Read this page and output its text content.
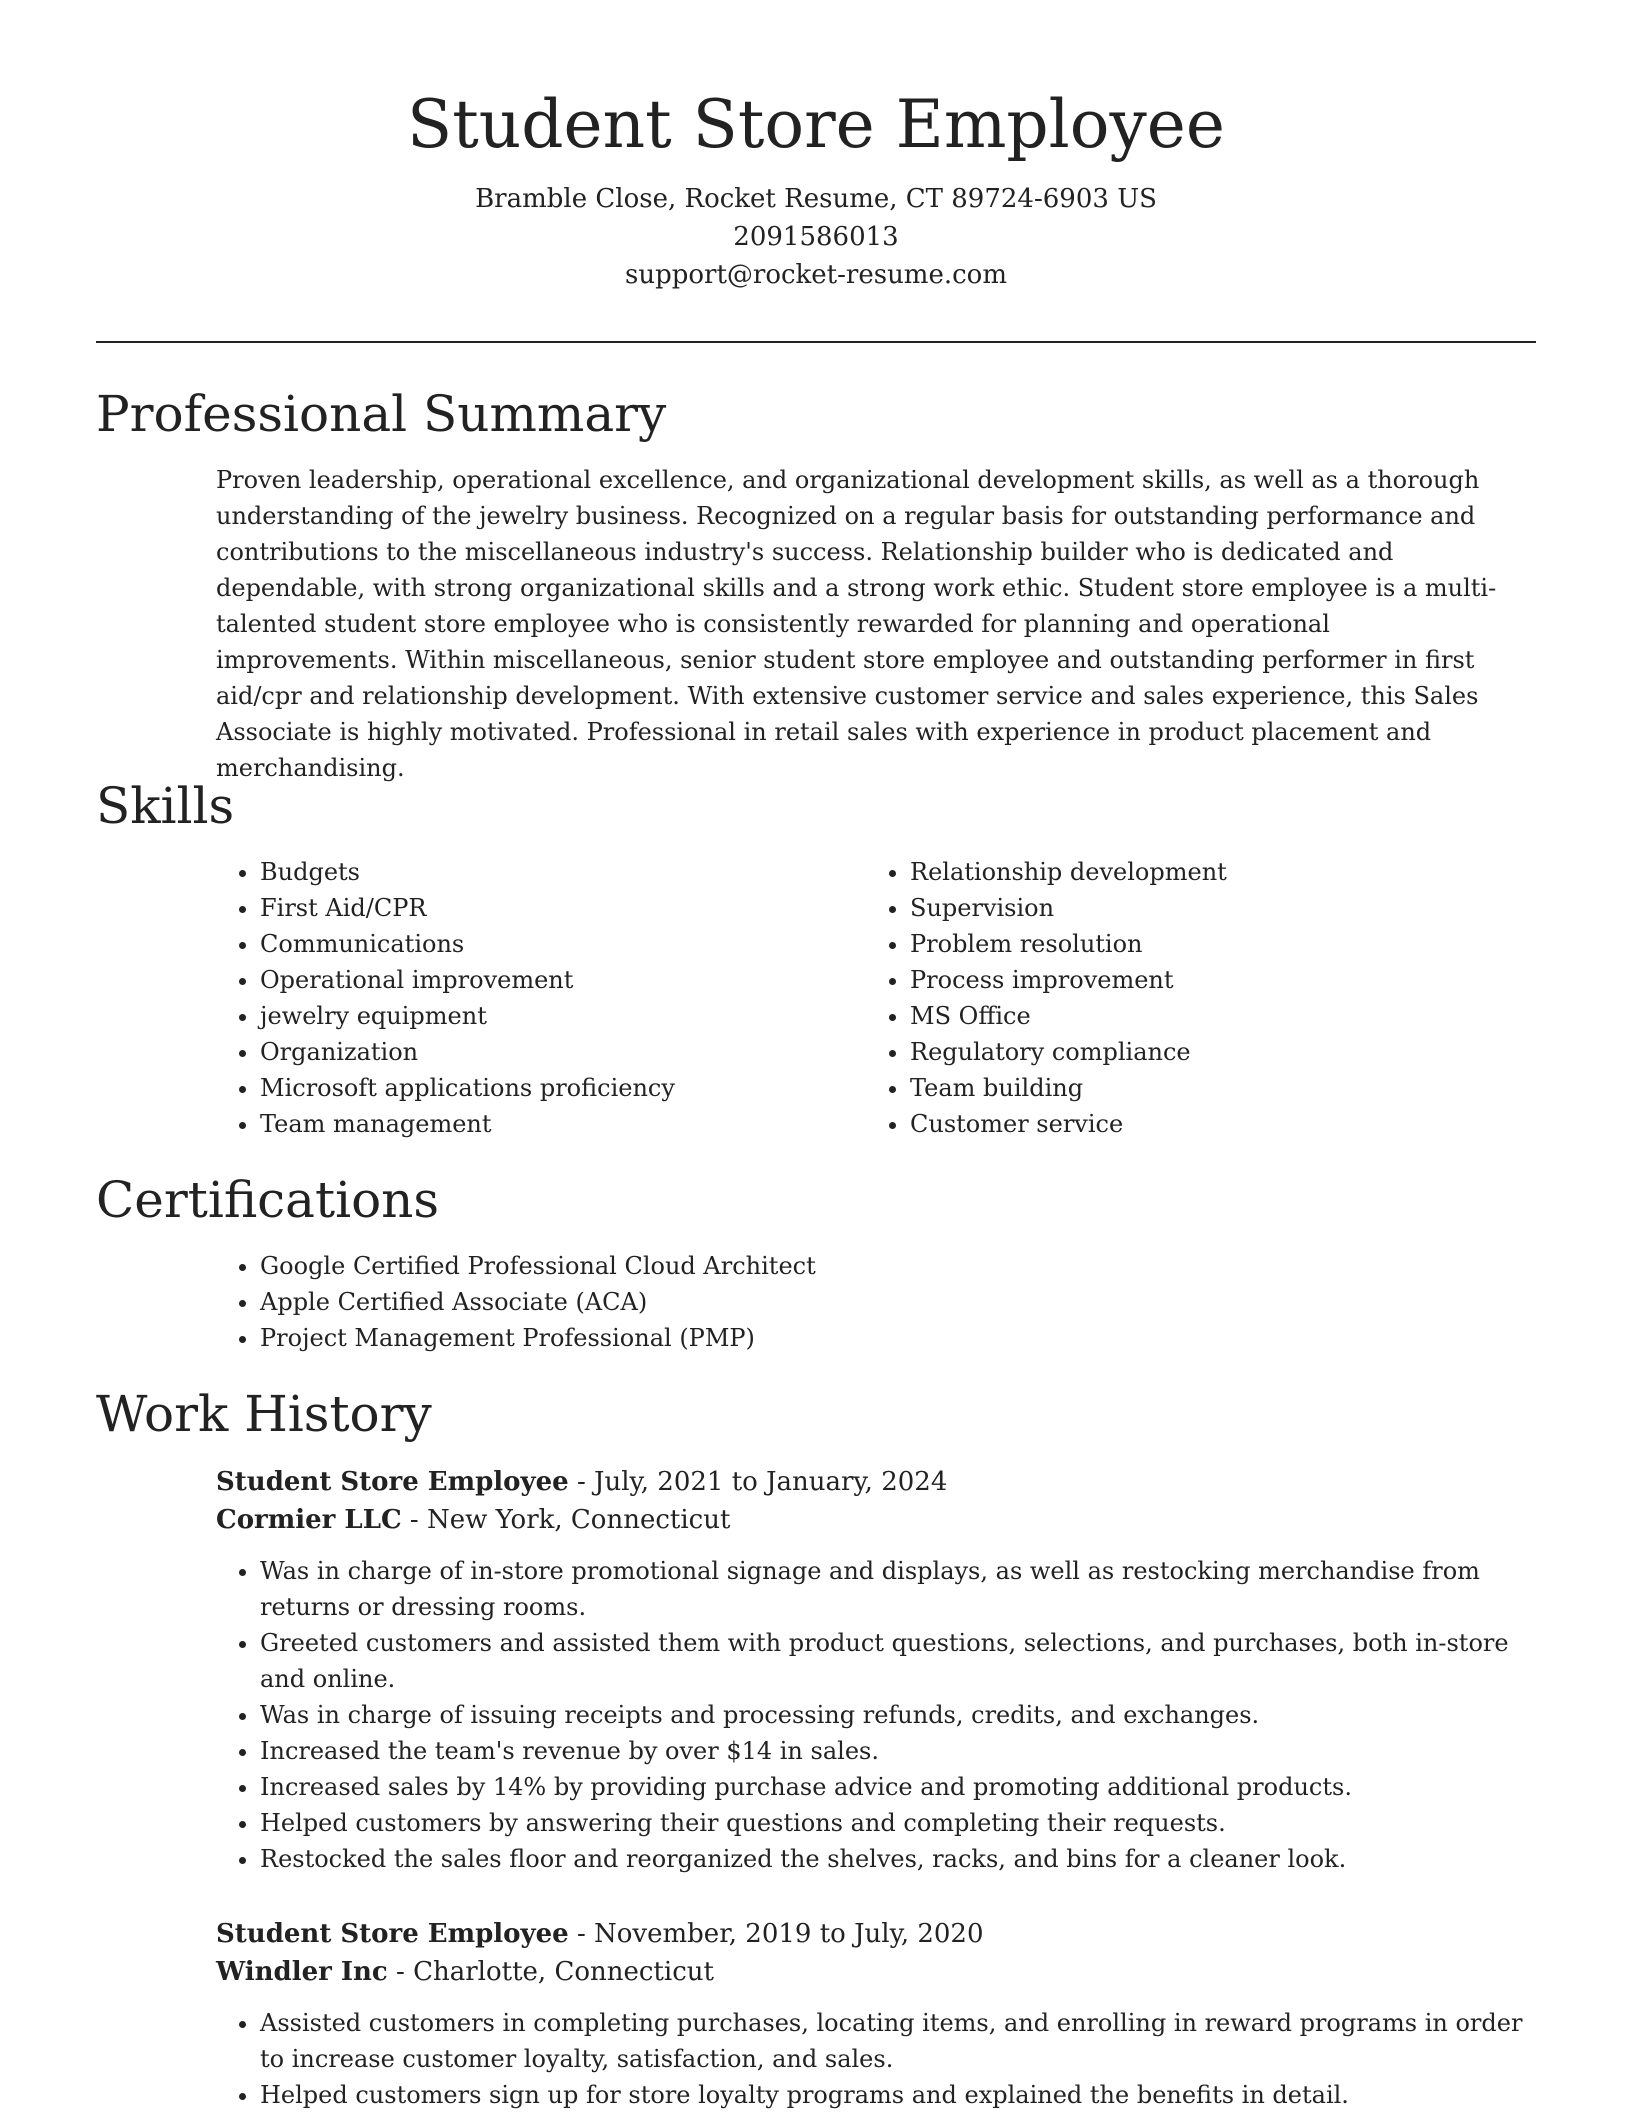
Student Store Employee
Bramble Close, Rocket Resume, CT 89724-6903 US
2091586013
support@rocket-resume.com
Professional Summary

Proven leadership, operational excellence, and organizational development skills, as well as a thorough understanding of the jewelry business. Recognized on a regular basis for outstanding performance and contributions to the miscellaneous industry's success. Relationship builder who is dedicated and dependable, with strong organizational skills and a strong work ethic. Student store employee is a multi-talented student store employee who is consistently rewarded for planning and operational improvements. Within miscellaneous, senior student store employee and outstanding performer in first aid/cpr and relationship development. With extensive customer service and sales experience, this Sales Associate is highly motivated. Professional in retail sales with experience in product placement and merchandising.

Skills
• Budgets
• First Aid/CPR
• Communications
• Operational improvement
• jewelry equipment
• Organization
• Microsoft applications proficiency
• Team management
• Relationship development
• Supervision
• Problem resolution
• Process improvement
• MS Office
• Regulatory compliance
• Team building
• Customer service
Certifications
• Google Certified Professional Cloud Architect
• Apple Certified Associate (ACA)
• Project Management Professional (PMP)
Work History
Student Store Employee - July, 2021 to January, 2024
Cormier LLC - New York, Connecticut
• Was in charge of in-store promotional signage and displays, as well as restocking merchandise from returns or dressing rooms.
• Greeted customers and assisted them with product questions, selections, and purchases, both in-store and online.
• Was in charge of issuing receipts and processing refunds, credits, and exchanges.
• Increased the team's revenue by over $14 in sales.
• Increased sales by 14% by providing purchase advice and promoting additional products.
• Helped customers by answering their questions and completing their requests.
• Restocked the sales floor and reorganized the shelves, racks, and bins for a cleaner look.
Student Store Employee - November, 2019 to July, 2020
Windler Inc - Charlotte, Connecticut
• Assisted customers in completing purchases, locating items, and enrolling in reward programs in order to increase customer loyalty, satisfaction, and sales.
• Helped customers sign up for store loyalty programs and explained the benefits in detail.
